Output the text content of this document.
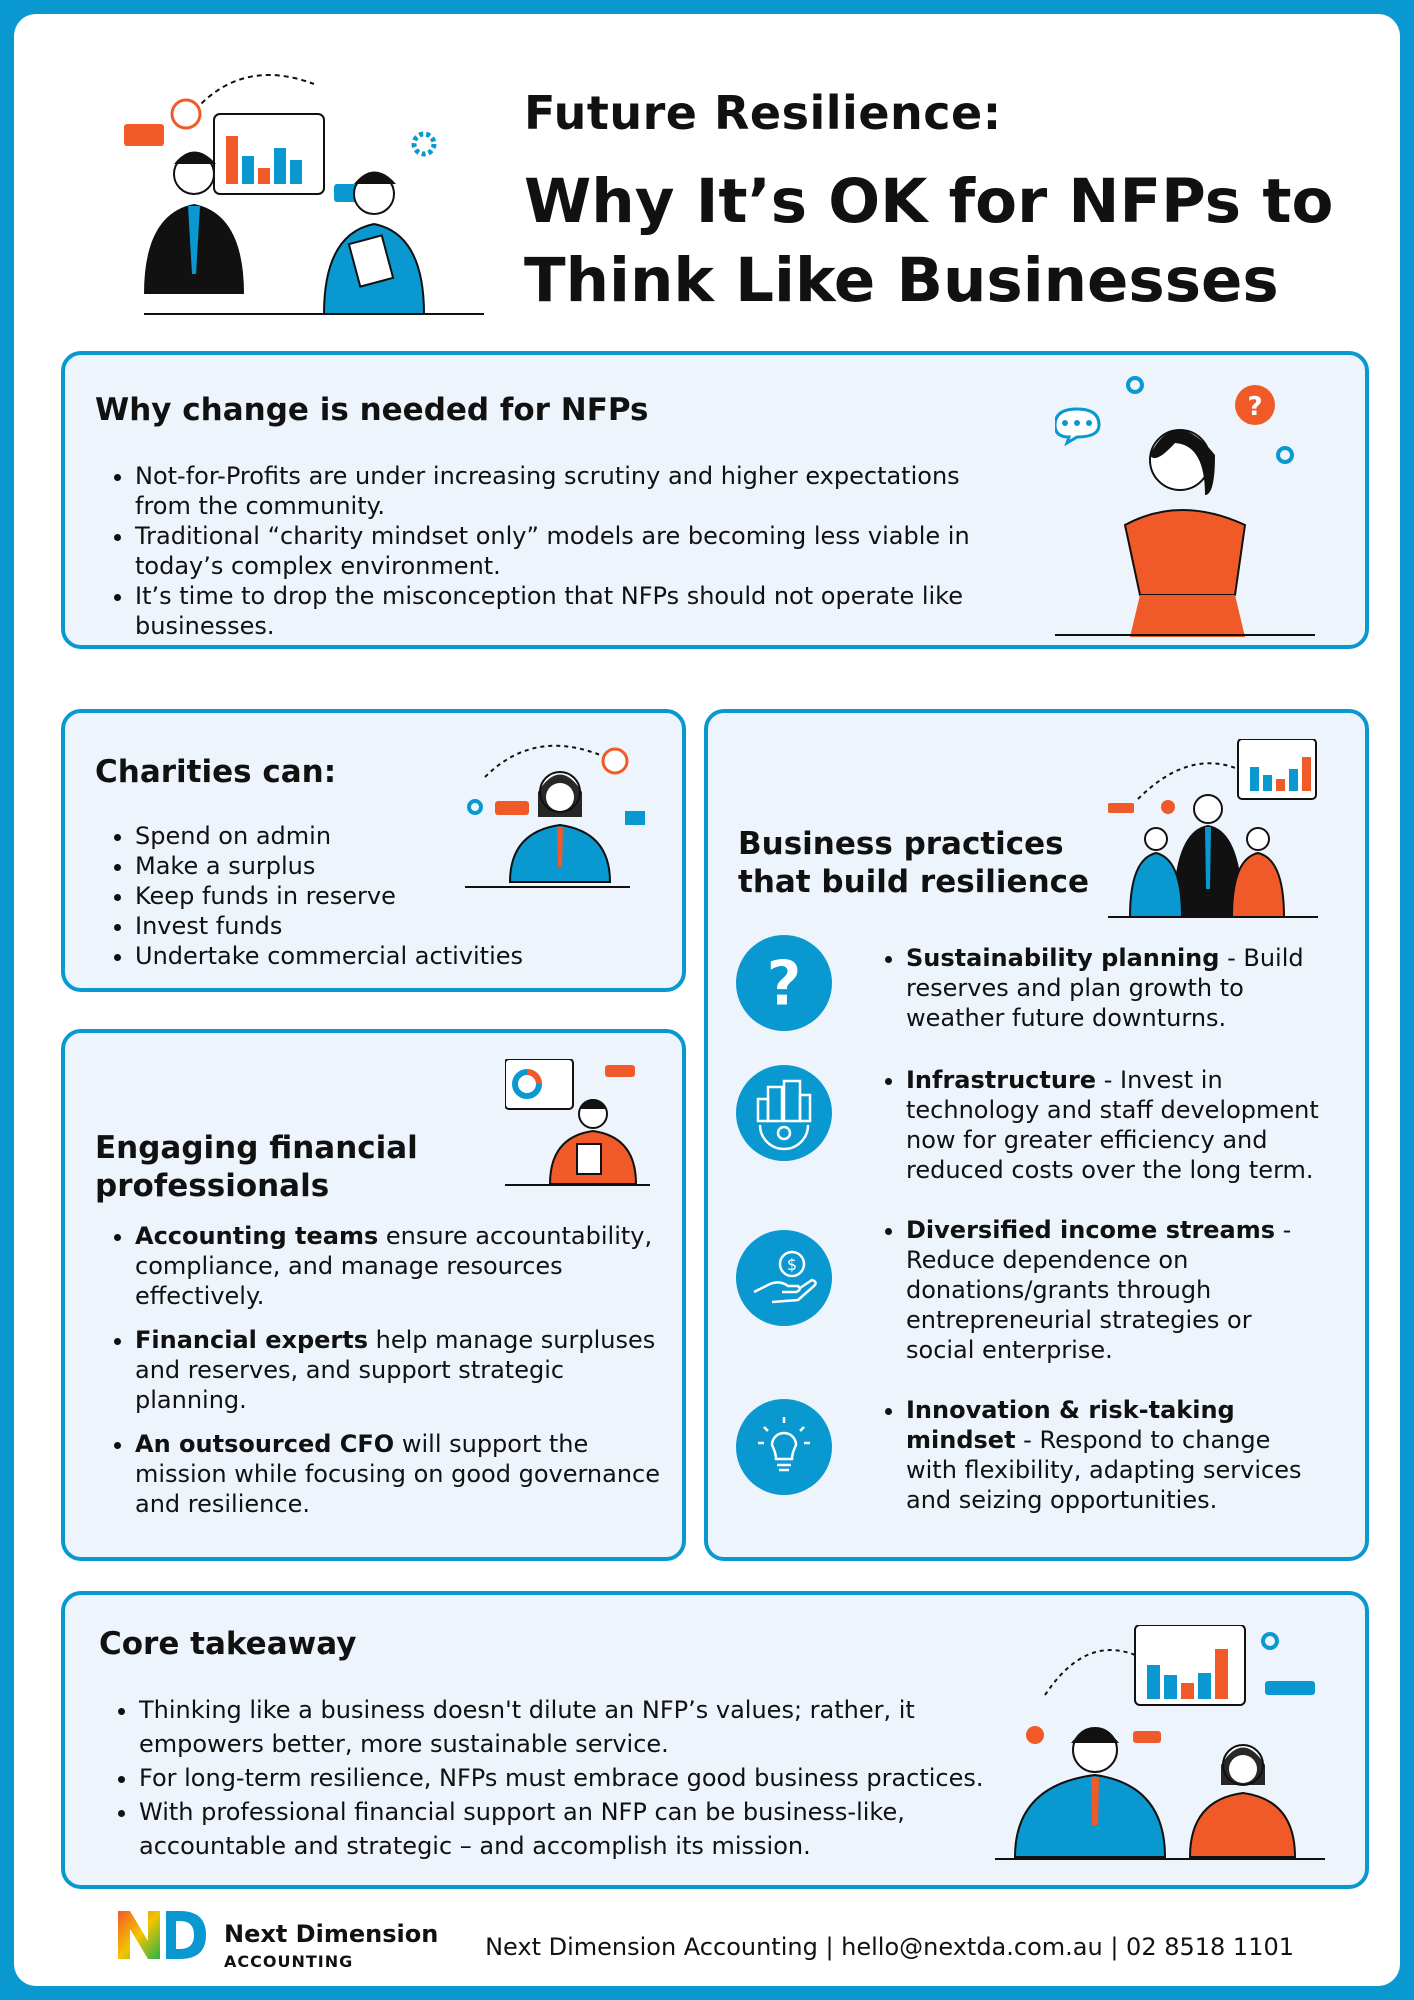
Future Resilience:
Why It’s OK for NFPs to Think Like Businesses
Why change is needed for NFPs
• Not-for-Profits are under increasing scrutiny and higher expectations from the community.
• Traditional “charity mindset only” models are becoming less viable in today’s complex environment.
• It’s time to drop the misconception that NFPs should not operate like businesses.
?
Charities can:
• Spend on admin
• Make a surplus
• Keep funds in reserve
• Invest funds
• Undertake commercial activities
Engaging financial professionals
• Accounting teams ensure accountability, compliance, and manage resources effectively.
• Financial experts help manage surpluses and reserves, and support strategic planning.
• An outsourced CFO will support the mission while focusing on good governance and resilience.
Business practices that build resilience
?
•	Sustainability planning - Build reserves and plan growth to weather future downturns.
• Infrastructure - Invest in technology and staff development now for greater efficiency and reduced costs over the long term.
$
• Diversified income streams - Reduce dependence on donations/grants through entrepreneurial strategies or social enterprise.
• Innovation & risk-taking mindset - Respond to change with flexibility, adapting services and seizing opportunities.
Core takeaway
• Thinking like a business doesn't dilute an NFP’s values; rather, it empowers better, more sustainable service.
• For long-term resilience, NFPs must embrace good business practices.
• With professional financial support an NFP can be business-like, accountable and strategic – and accomplish its mission.
Next Dimension
ACCOUNTING
Next Dimension Accounting | hello@nextda.com.au | 02 8518 1101
